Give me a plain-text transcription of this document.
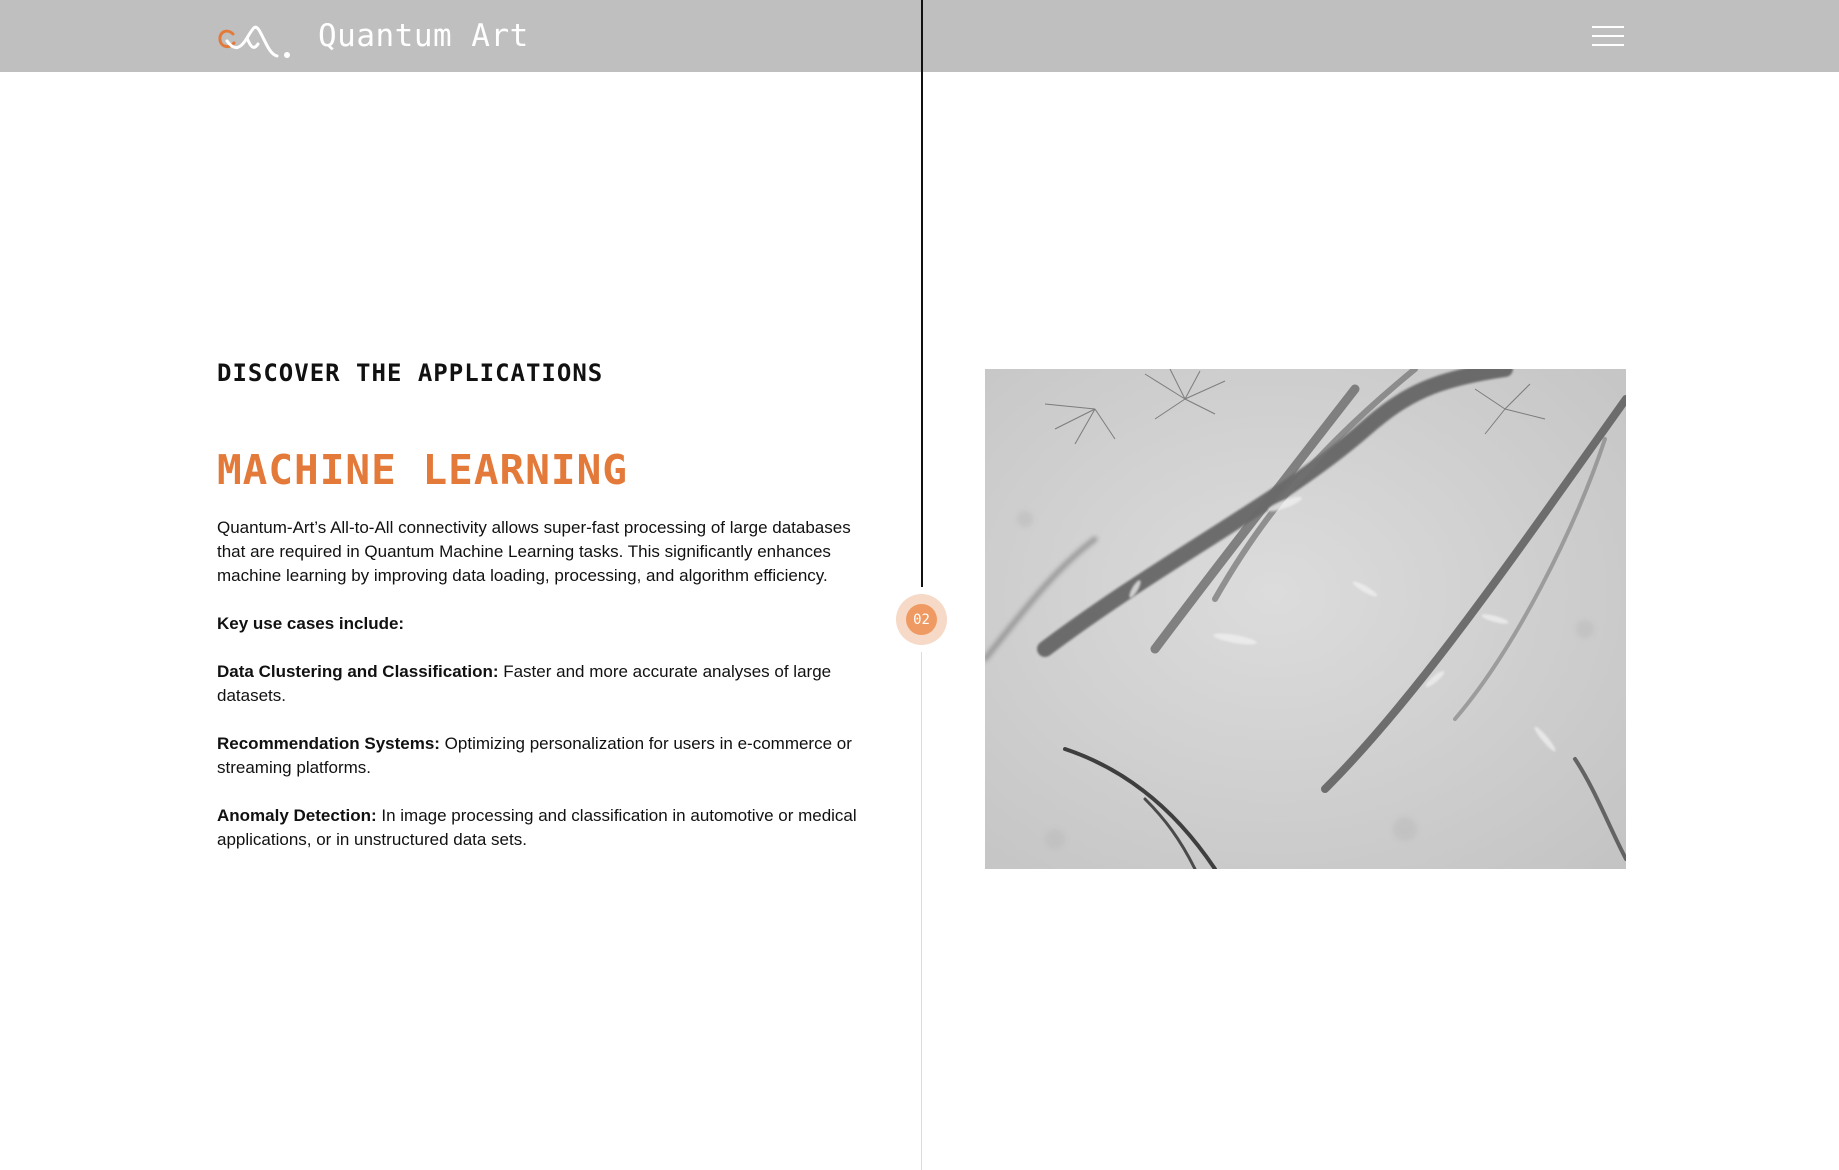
Quantum Art
02
DISCOVER THE APPLICATIONS
MACHINE LEARNING

Quantum-Art’s All-to-All connectivity allows super-fast processing of large databases that are required in Quantum Machine Learning tasks. This significantly enhances machine learning by improving data loading, processing, and algorithm efficiency.

Key use cases include:

Data Clustering and Classification: Faster and more accurate analyses of large datasets.

Recommendation Systems: Optimizing personalization for users in e-commerce or streaming platforms.

Anomaly Detection: In image processing and classification in automotive or medical applications, or in unstructured data sets.
